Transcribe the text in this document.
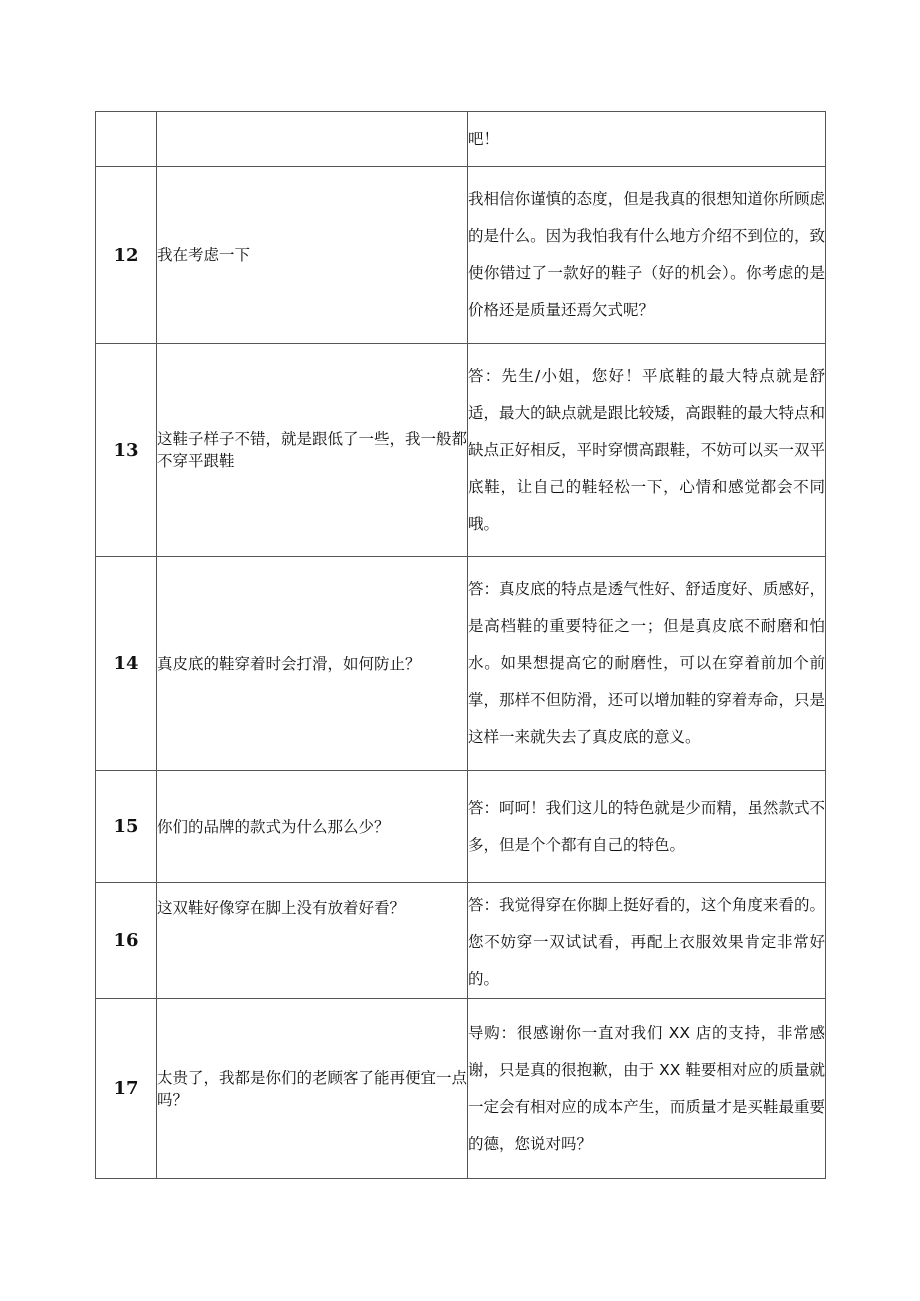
		吧！
12	我在考虑一下	我相信你谨慎的态度，但是我真的很想知道你所顾虑的是什么。因为我怕我有什么地方介绍不到位的，致使你错过了一款好的鞋子（好的机会）。你考虑的是价格还是质量还焉欠式呢？
13	这鞋子样子不错，就是跟低了一些，我一般都不穿平跟鞋	答：先生/小姐，您好！平底鞋的最大特点就是舒适，最大的缺点就是跟比较矮，高跟鞋的最大特点和缺点正好相反，平时穿惯高跟鞋，不妨可以买一双平底鞋，让自己的鞋轻松一下，心情和感觉都会不同哦。
14	真皮底的鞋穿着时会打滑，如何防止？	答：真皮底的特点是透气性好、舒适度好、质感好，是高档鞋的重要特征之一；但是真皮底不耐磨和怕水。如果想提高它的耐磨性，可以在穿着前加个前掌，那样不但防滑，还可以增加鞋的穿着寿命，只是这样一来就失去了真皮底的意义。
15	你们的品牌的款式为什么那么少？	答：呵呵！我们这儿的特色就是少而精，虽然款式不多，但是个个都有自己的特色。
16	这双鞋好像穿在脚上没有放着好看？	答：我觉得穿在你脚上挺好看的，这个角度来看的。您不妨穿一双试试看，再配上衣服效果肯定非常好的。
17	太贵了，我都是你们的老顾客了能再便宜一点吗？	导购：很感谢你一直对我们 XX 店的支持，非常感谢，只是真的很抱歉，由于 XX 鞋要相对应的质量就一定会有相对应的成本产生，而质量才是买鞋最重要的德，您说对吗？
